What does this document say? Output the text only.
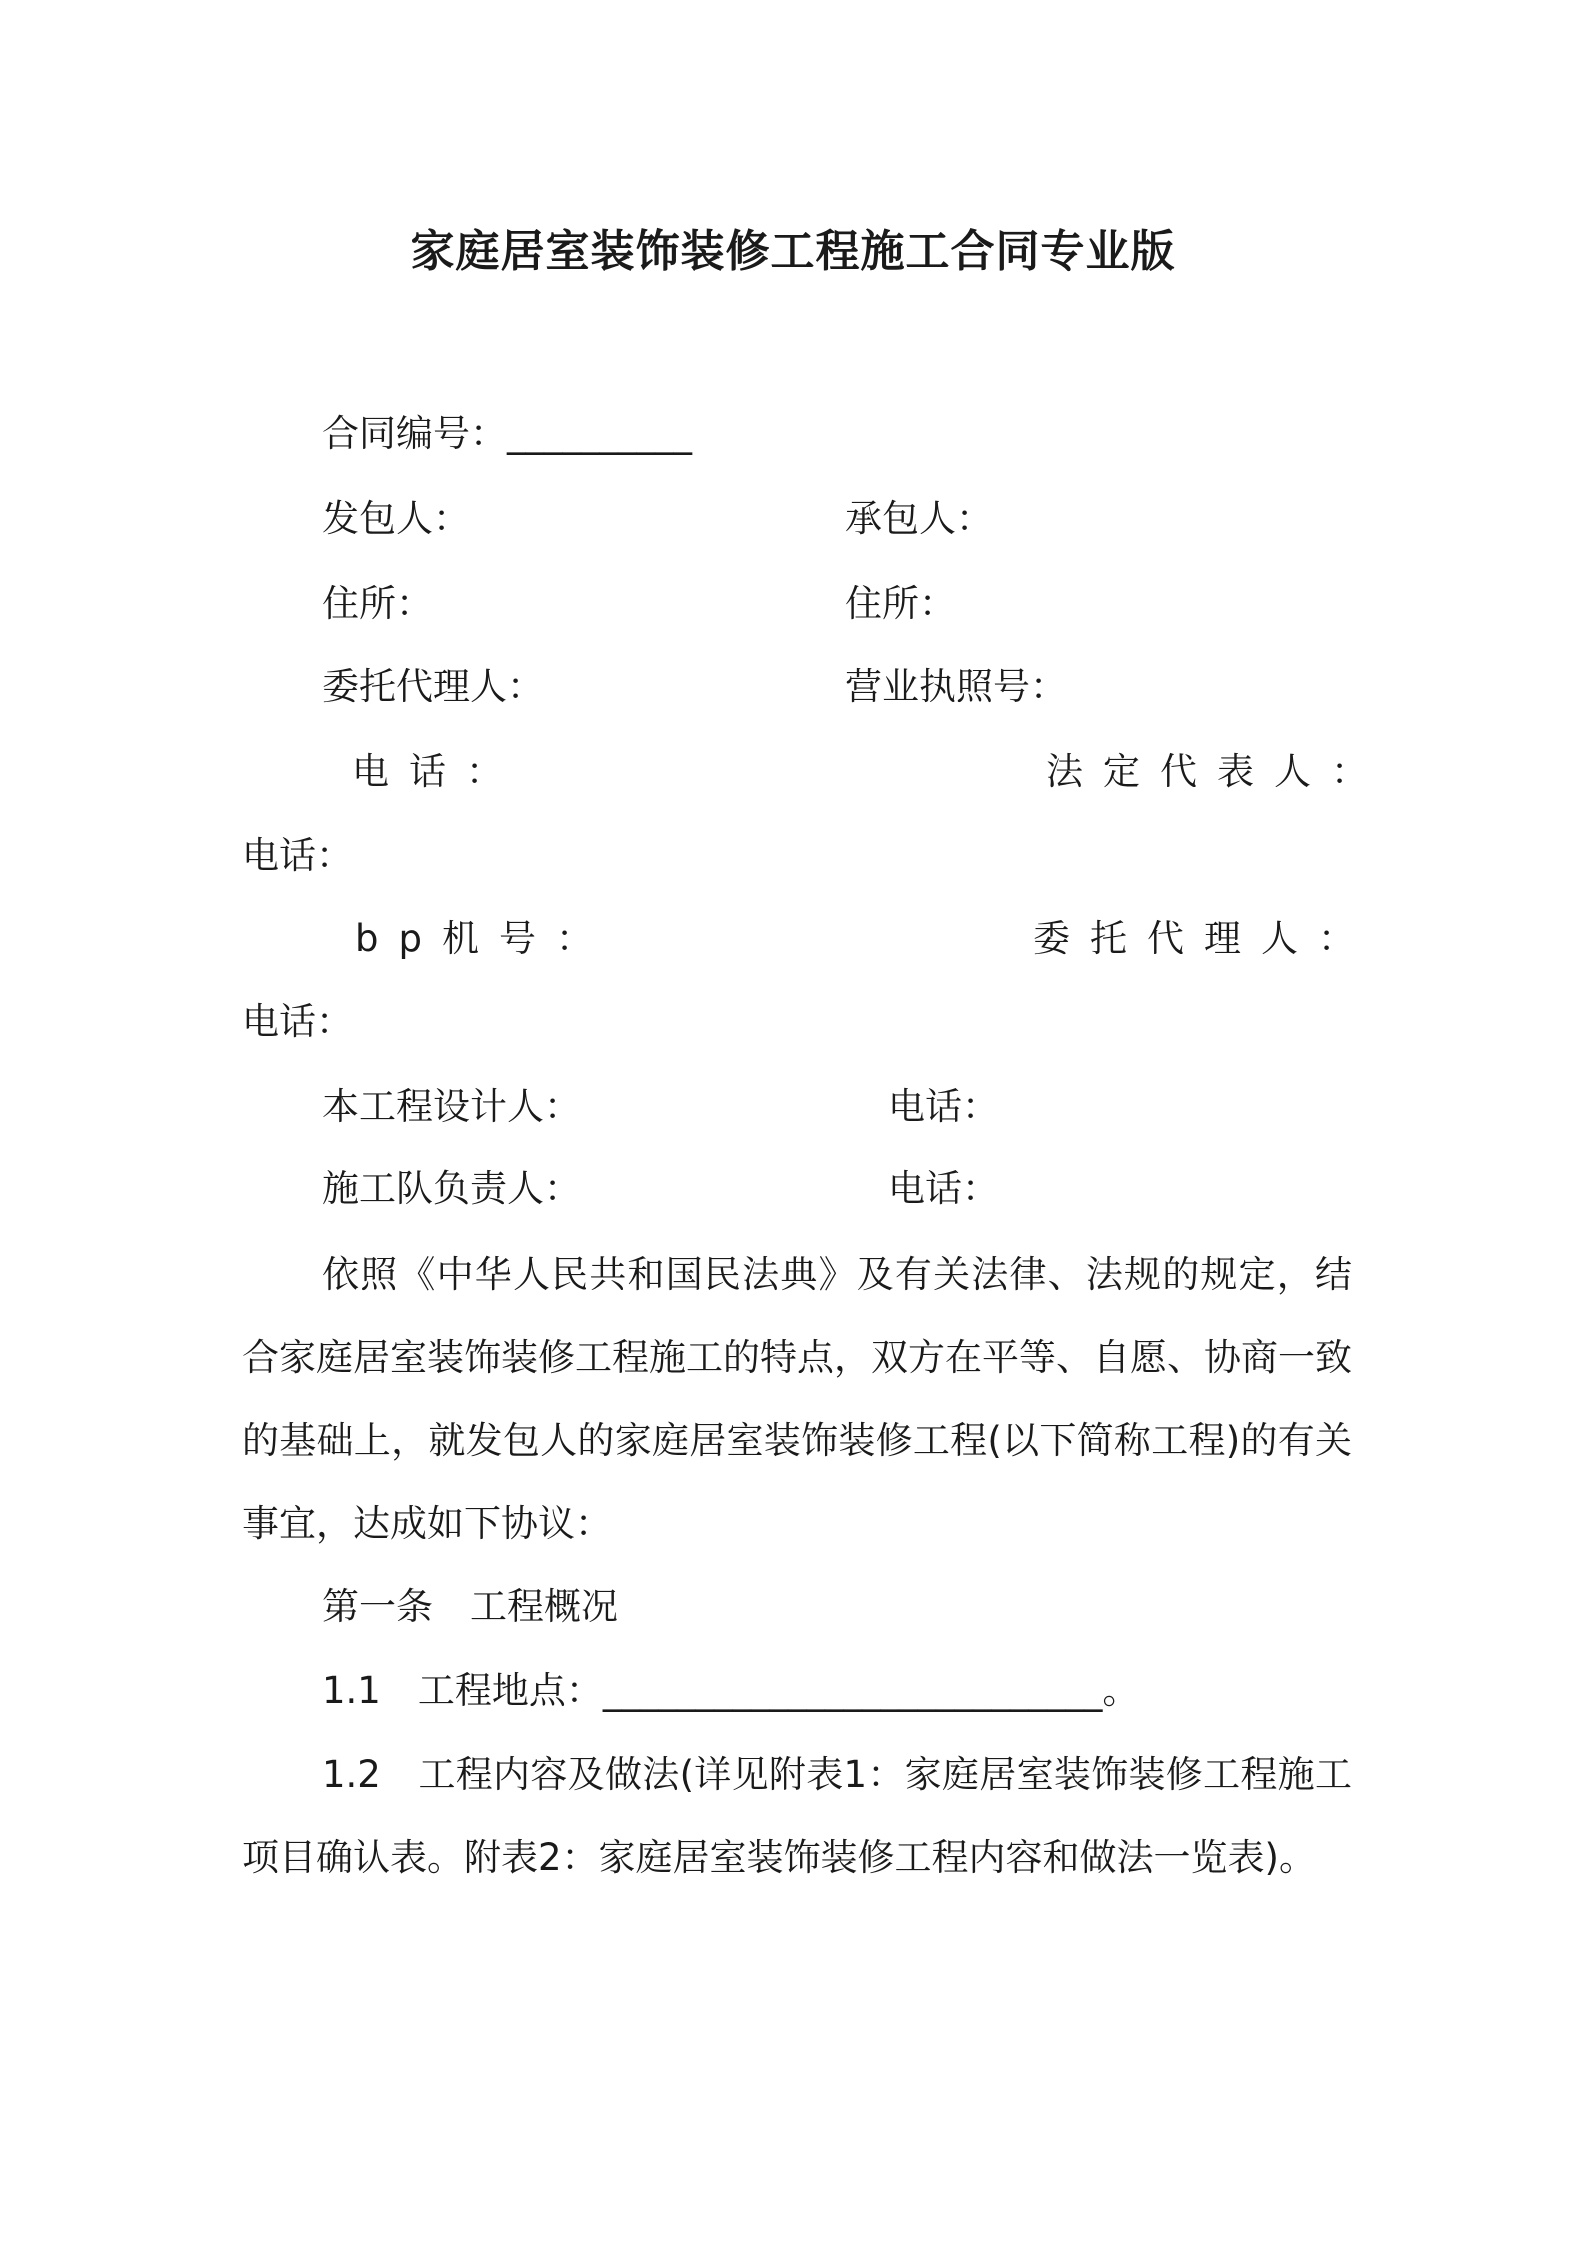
家庭居室装饰装修工程施工合同专业版
合同编号：__________
发包人：	承包人：
住所：	住所：
委托代理人：	营业执照号：
电话：	法定代表人：
电话：
bp机号：	委托代理人：
电话：
本工程设计人：	电话：
施工队负责人：	电话：
依照《中华人民共和国民法典》及有关法律、法规的规定，结合家庭居室装饰装修工程施工的特点，双方在平等、自愿、协商一致的基础上，就发包人的家庭居室装饰装修工程(以下简称工程)的有关事宜，达成如下协议：
第一条　工程概况
1.1　工程地点：___________________________。
1.2　工程内容及做法(详见附表1：家庭居室装饰装修工程施工项目确认表。附表2：家庭居室装饰装修工程内容和做法一览表)。
